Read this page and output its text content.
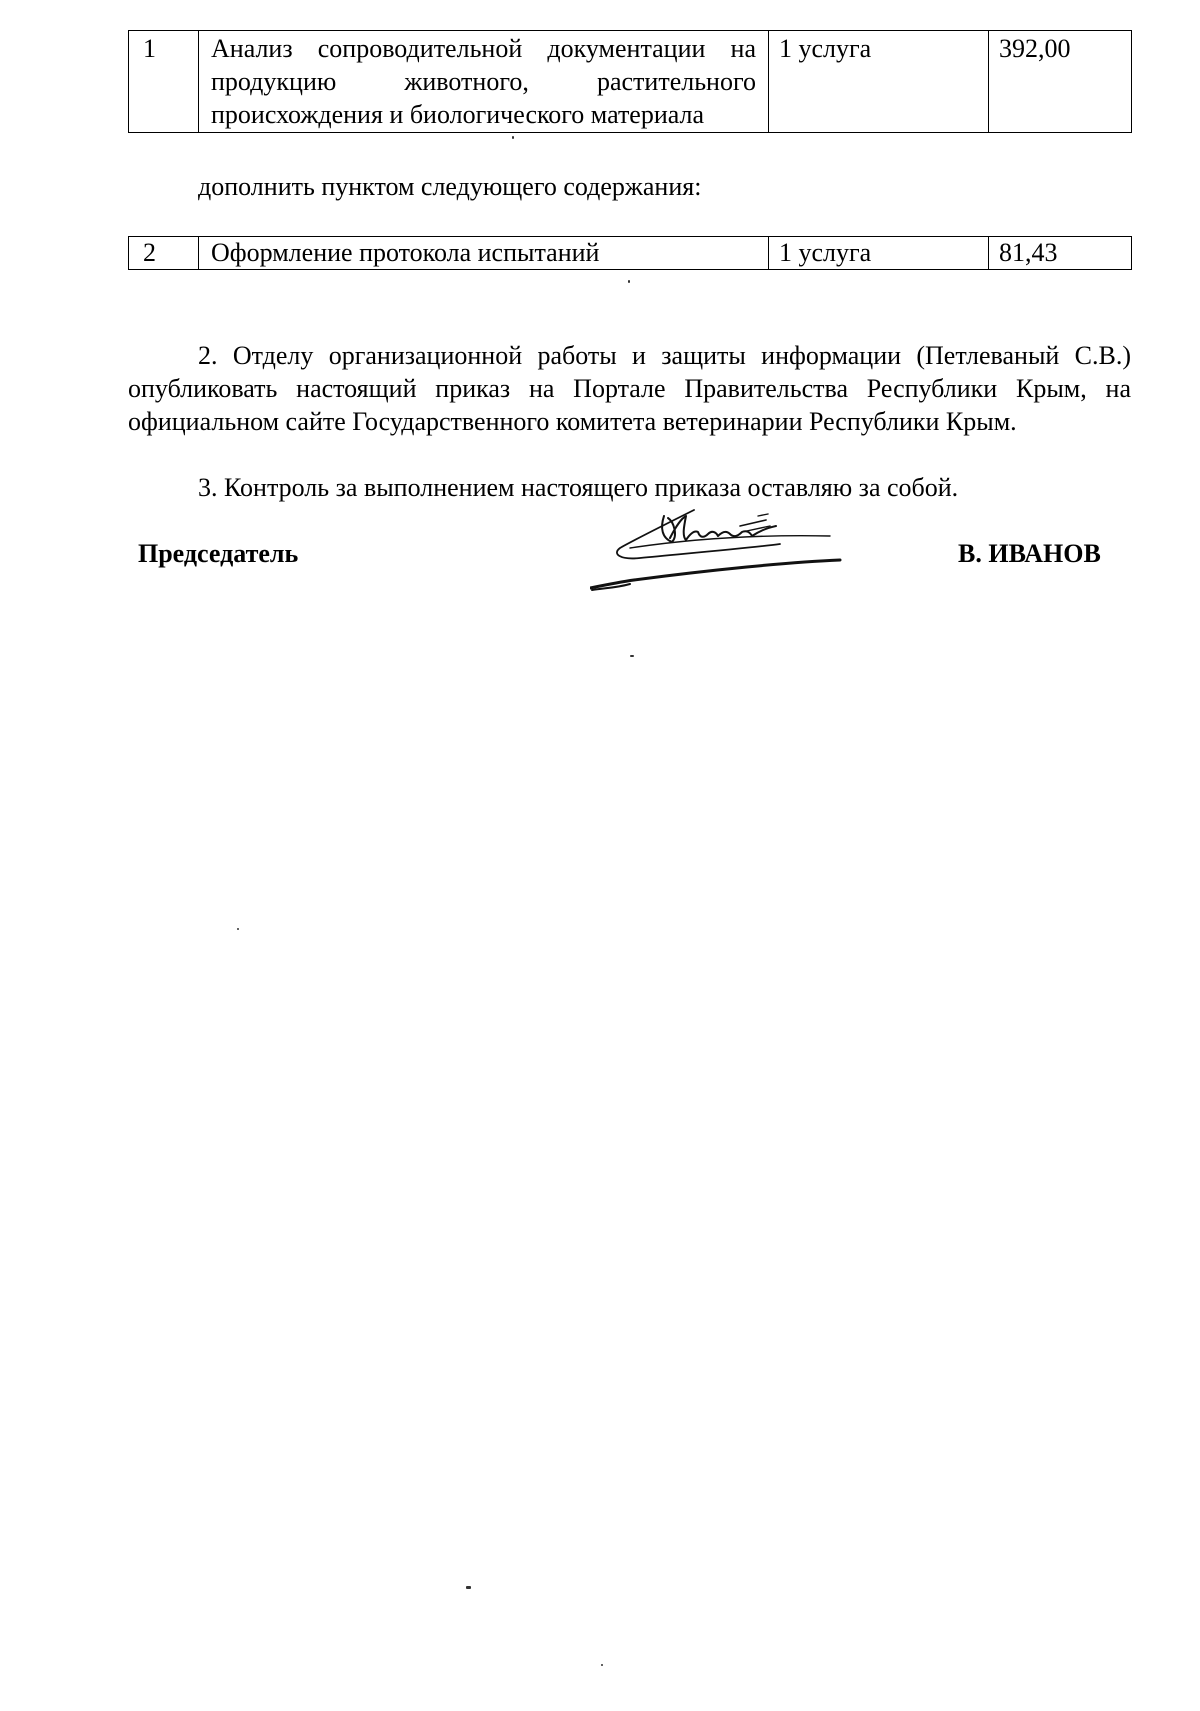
1	Анализ сопроводительной документации на продукцию животного, растительного происхождения и биологического материала	1 услуга	392,00
дополнить пунктом следующего содержания:
2	Оформление протокола испытаний	1 услуга	81,43
2. Отделу организационной работы и защиты информации (Петлеваный С.В.) опубликовать настоящий приказ на Портале Правительства Республики Крым, на официальном сайте Государственного комитета ветеринарии Республики Крым.
3. Контроль за выполнением настоящего приказа оставляю за собой.
Председатель	В. ИВАНОВ
